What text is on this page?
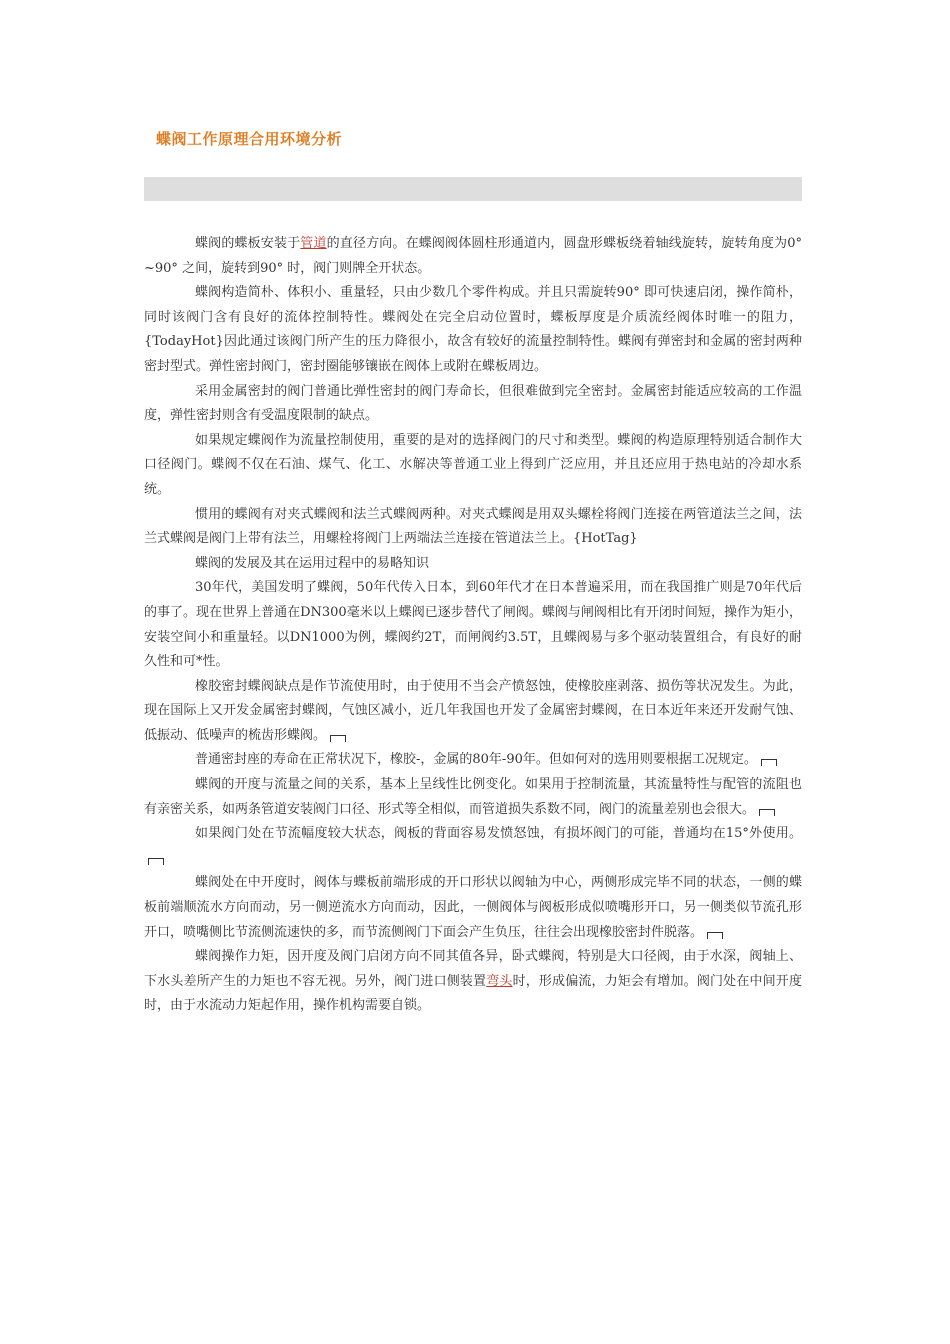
蝶阀工作原理合用环境分析

蝶阀的蝶板安装于管道的直径方向。在蝶阀阀体圆柱形通道内，圆盘形蝶板绕着轴线旋转，旋转角度为0° ~90° 之间，旋转到90° 时，阀门则牌全开状态。

蝶阀构造简朴、体积小、重量轻，只由少数几个零件构成。并且只需旋转90° 即可快速启闭，操作简朴，同时该阀门含有良好的流体控制特性。蝶阀处在完全启动位置时，蝶板厚度是介质流经阀体时唯一的阻力，{TodayHot}因此通过该阀门所产生的压力降很小，故含有较好的流量控制特性。蝶阀有弹密封和金属的密封两种密封型式。弹性密封阀门，密封圈能够镶嵌在阀体上或附在蝶板周边。

采用金属密封的阀门普通比弹性密封的阀门寿命长，但很难做到完全密封。金属密封能适应较高的工作温度，弹性密封则含有受温度限制的缺点。

如果规定蝶阀作为流量控制使用，重要的是对的选择阀门的尺寸和类型。蝶阀的构造原理特别适合制作大口径阀门。蝶阀不仅在石油、煤气、化工、水解决等普通工业上得到广泛应用，并且还应用于热电站的冷却水系统。

惯用的蝶阀有对夹式蝶阀和法兰式蝶阀两种。对夹式蝶阀是用双头螺栓将阀门连接在两管道法兰之间，法兰式蝶阀是阀门上带有法兰，用螺栓将阀门上两端法兰连接在管道法兰上。{HotTag}

蝶阀的发展及其在运用过程中的易略知识

30年代，美国发明了蝶阀，50年代传入日本，到60年代才在日本普遍采用，而在我国推广则是70年代后的事了。现在世界上普通在DN300毫米以上蝶阀已逐步替代了闸阀。蝶阀与闸阀相比有开闭时间短，操作为矩小，安装空间小和重量轻。以DN1000为例，蝶阀约2T，而闸阀约3.5T，且蝶阀易与多个驱动装置组合，有良好的耐久性和可*性。

橡胶密封蝶阀缺点是作节流使用时，由于使用不当会产愤怒蚀，使橡胶座剥落、损伤等状况发生。为此，现在国际上又开发金属密封蝶阀，气蚀区减小，近几年我国也开发了金属密封蝶阀，在日本近年来还开发耐气蚀、低振动、低噪声的梳齿形蝶阀。

普通密封座的寿命在正常状况下，橡胶-，金属的80年-90年。但如何对的选用则要根据工况规定。

蝶阀的开度与流量之间的关系，基本上呈线性比例变化。如果用于控制流量，其流量特性与配管的流阻也有亲密关系，如两条管道安装阀门口径、形式等全相似，而管道损失系数不同，阀门的流量差别也会很大。

如果阀门处在节流幅度较大状态，阀板的背面容易发愤怒蚀，有损坏阀门的可能，普通均在15°外使用。

蝶阀处在中开度时，阀体与蝶板前端形成的开口形状以阀轴为中心，两侧形成完毕不同的状态，一侧的蝶板前端顺流水方向而动，另一侧逆流水方向而动，因此，一侧阀体与阀板形成似喷嘴形开口，另一侧类似节流孔形开口，喷嘴侧比节流侧流速快的多，而节流侧阀门下面会产生负压，往往会出现橡胶密封件脱落。

蝶阀操作力矩，因开度及阀门启闭方向不同其值各异，卧式蝶阀，特别是大口径阀，由于水深，阀轴上、下水头差所产生的力矩也不容无视。另外，阀门进口侧装置弯头时，形成偏流，力矩会有增加。阀门处在中间开度时，由于水流动力矩起作用，操作机构需要自锁。
